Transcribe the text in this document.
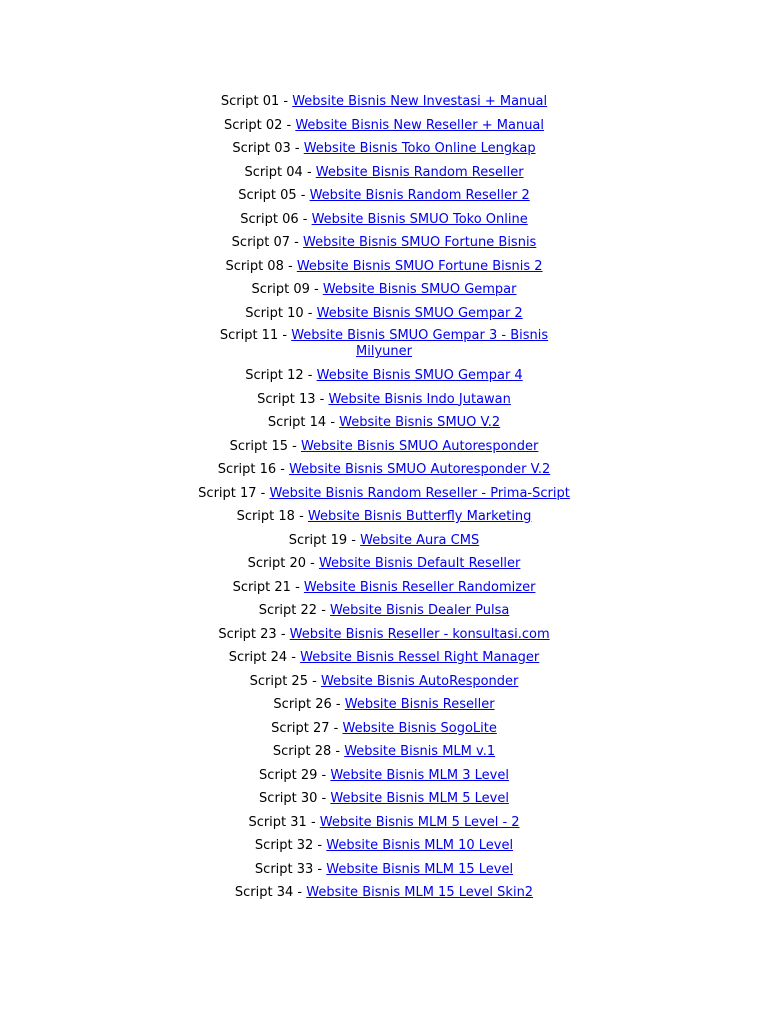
Script 01 - Website Bisnis New Investasi + Manual
Script 02 - Website Bisnis New Reseller + Manual
Script 03 - Website Bisnis Toko Online Lengkap
Script 04 - Website Bisnis Random Reseller
Script 05 - Website Bisnis Random Reseller 2
Script 06 - Website Bisnis SMUO Toko Online
Script 07 - Website Bisnis SMUO Fortune Bisnis
Script 08 - Website Bisnis SMUO Fortune Bisnis 2
Script 09 - Website Bisnis SMUO Gempar
Script 10 - Website Bisnis SMUO Gempar 2
Script 11 - Website Bisnis SMUO Gempar 3 - Bisnis Milyuner
Script 12 - Website Bisnis SMUO Gempar 4
Script 13 - Website Bisnis Indo Jutawan
Script 14 - Website Bisnis SMUO V.2
Script 15 - Website Bisnis SMUO Autoresponder
Script 16 - Website Bisnis SMUO Autoresponder V.2
Script 17 - Website Bisnis Random Reseller - Prima-Script
Script 18 - Website Bisnis Butterfly Marketing
Script 19 - Website Aura CMS
Script 20 - Website Bisnis Default Reseller
Script 21 - Website Bisnis Reseller Randomizer
Script 22 - Website Bisnis Dealer Pulsa
Script 23 - Website Bisnis Reseller - konsultasi.com
Script 24 - Website Bisnis Ressel Right Manager
Script 25 - Website Bisnis AutoResponder
Script 26 - Website Bisnis Reseller
Script 27 - Website Bisnis SogoLite
Script 28 - Website Bisnis MLM v.1
Script 29 - Website Bisnis MLM 3 Level
Script 30 - Website Bisnis MLM 5 Level
Script 31 - Website Bisnis MLM 5 Level - 2
Script 32 - Website Bisnis MLM 10 Level
Script 33 - Website Bisnis MLM 15 Level
Script 34 - Website Bisnis MLM 15 Level Skin2
